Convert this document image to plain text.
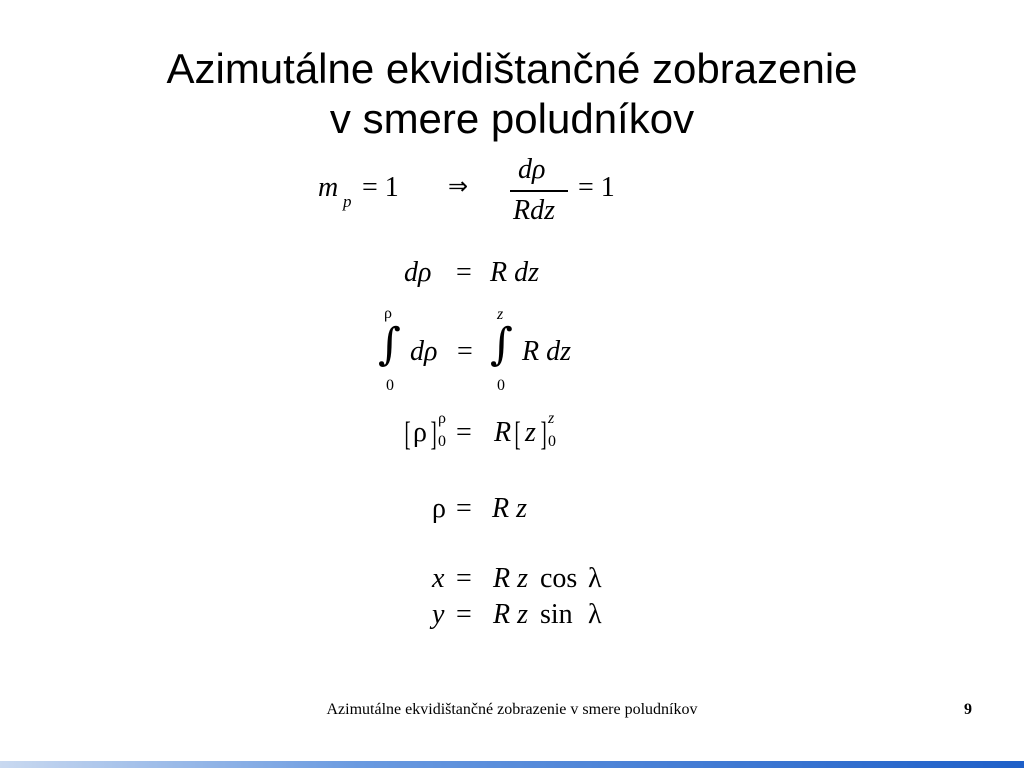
Azimutálne ekvidištančné zobrazenie
v smere poludníkov
m p = 1 ⇒
dρ
Rdz
= 1
dρ = R dz
ρ
∫
0
dρ =
z
∫
0
R dz
[ ρ ] ρ
0 = R [ z ] z
0
ρ = R z
x = R z cos λ
y = R z sin λ
Azimutálne ekvidištančné zobrazenie v smere poludníkov	9
